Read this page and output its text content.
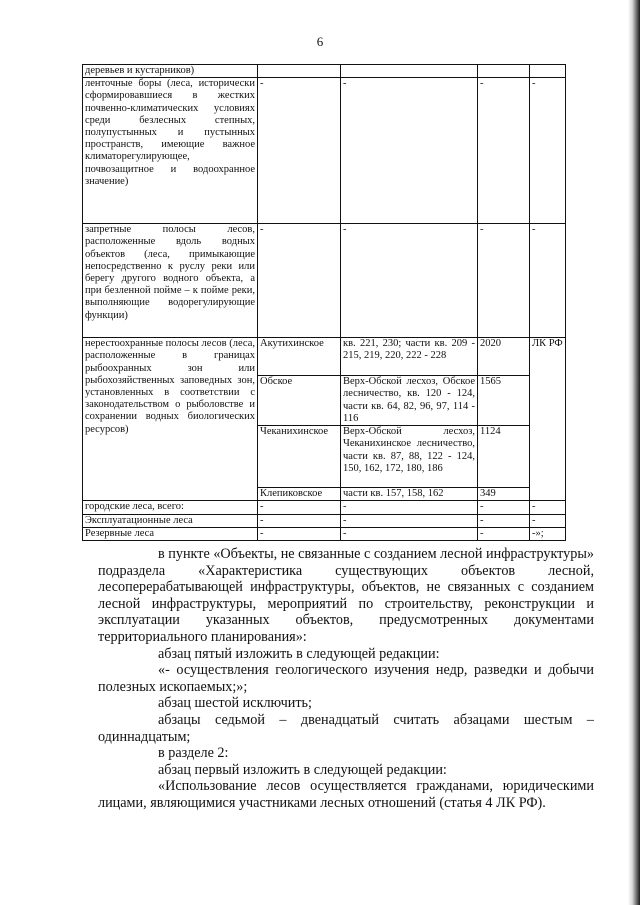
6
деревьев и кустарников)				
ленточные боры (леса, исторически сформировавшиеся в жестких почвенно-климатических условиях среди безлесных степных, полупустынных и пустынных пространств, имеющие важное климаторегулирующее, почвозащитное и водоохранное значение)	-	-	-	-
запретные полосы лесов, расположенные вдоль водных объектов (леса, примыкающие непосредственно к руслу реки или берегу другого водного объекта, а при безленной пойме – к пойме реки, выполняющие водорегулирующие функции)	-	-	-	-
нерестоохранные полосы лесов (леса, расположенные в границах рыбоохранных зон или рыбохозяйственных заповедных зон, установленных в соответствии с законодательством о рыболовстве и сохранении водных биологических ресурсов)	Акутихинское	кв. 221, 230; части кв. 209 - 215, 219, 220, 222 - 228	2020	ЛК РФ
	Обское	Верх-Обской лесхоз, Обское лесничество, кв. 120 - 124, части кв. 64, 82, 96, 97, 114 - 116	1565	
	Чеканихинское	Верх-Обской лесхоз, Чеканихинское лесничество, части кв. 87, 88, 122 - 124, 150, 162, 172, 180, 186	1124	
	Клепиковское	части кв. 157, 158, 162	349	
городские леса, всего:	-	-	-	-
Эксплуатационные леса	-	-	-	-
Резервные леса	-	-	-	-»;

в пункте «Объекты, не связанные с созданием лесной инфраструктуры» подраздела «Характеристика существующих объектов лесной, лесоперерабатывающей инфраструктуры, объектов, не связанных с созданием лесной инфраструктуры, мероприятий по строительству, реконструкции и эксплуатации указанных объектов, предусмотренных документами территориального планирования»:

абзац пятый изложить в следующей редакции:

«- осуществления геологического изучения недр, разведки и добычи полезных ископаемых;»;

абзац шестой исключить;

абзацы седьмой – двенадцатый считать абзацами шестым – одиннадцатым;

в разделе 2:

абзац первый изложить в следующей редакции:

«Использование лесов осуществляется гражданами, юридическими лицами, являющимися участниками лесных отношений (статья 4 ЛК РФ).
